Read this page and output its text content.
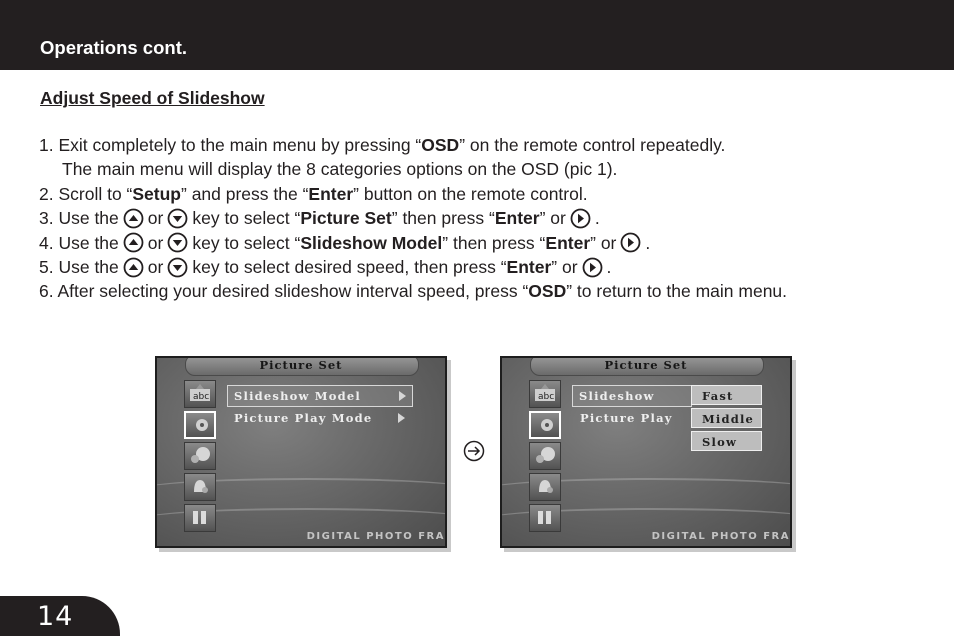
Operations cont.
Adjust Speed of Slideshow
1. Exit completely to the main menu by pressing “ OSD ” on the remote control repeatedly.
The main menu will display the 8 categories options on the OSD (pic 1).
2. Scroll to “ Setup ” and press the “ Enter ” button on the remote control.
3. Use the or key to select “ Picture Set ” then press “ Enter ” or .
4. Use the or key to select “ Slideshow Model ” then press “ Enter ” or .
5. Use the or key to select desired speed, then press “ Enter ” or .
6. After selecting your desired slideshow interval speed, press “ OSD ” to return to the main menu.
Picture Set
abc	Slideshow Model
Picture Play Mode
DIGITAL PHOTO FRA
Picture Set
abc	Slideshow
Picture Play
Fast
Middle
Slow
DIGITAL PHOTO FRA
14
